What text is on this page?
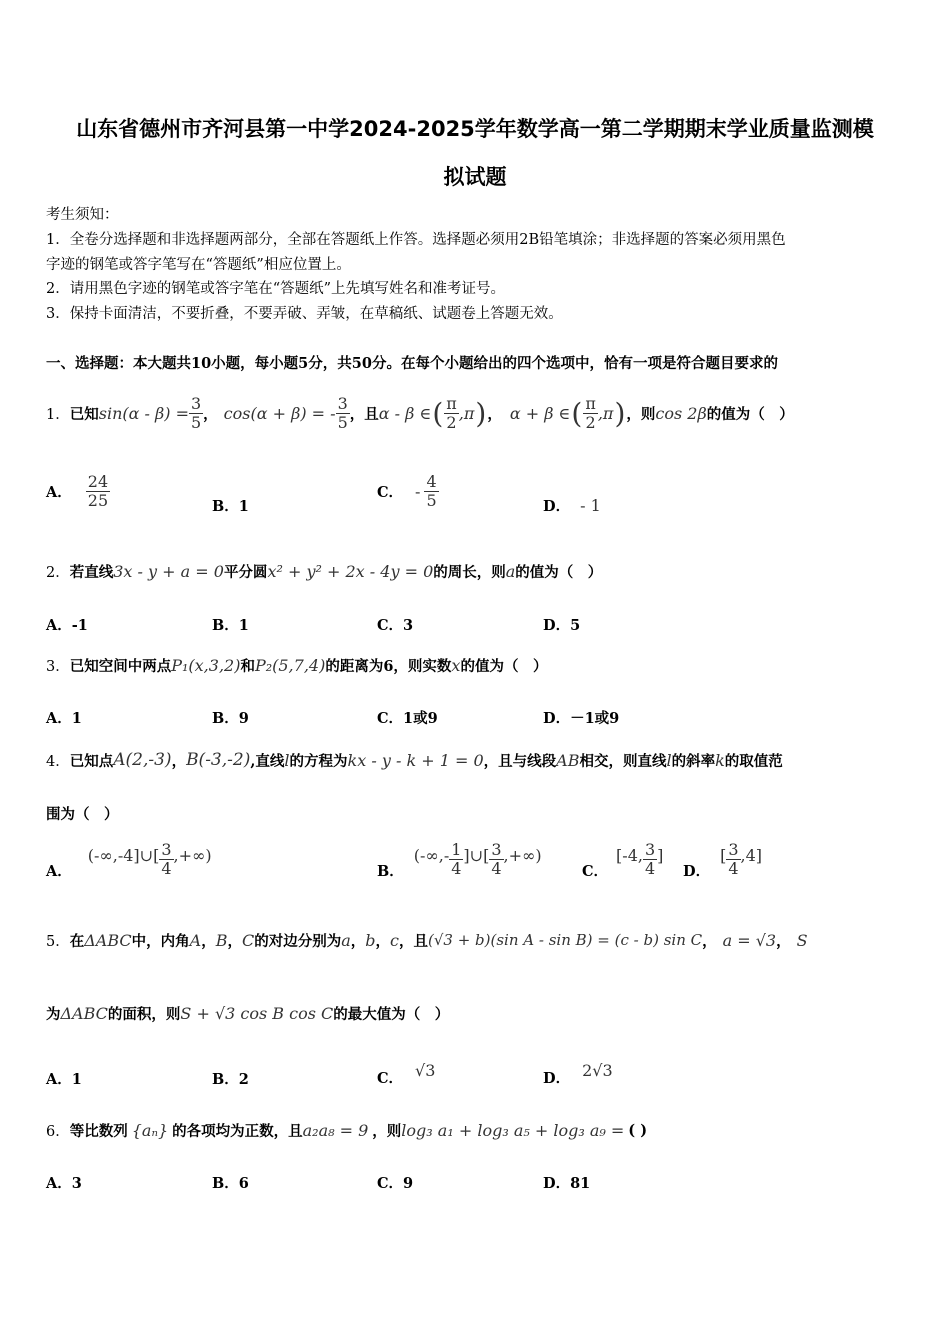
山东省德州市齐河县第一中学2024-2025学年数学高一第二学期期末学业质量监测模
拟试题
考生须知：
1．全卷分选择题和非选择题两部分，全部在答题纸上作答。选择题必须用2B铅笔填涂；非选择题的答案必须用黑色
字迹的钢笔或答字笔写在“答题纸”相应位置上。
2．请用黑色字迹的钢笔或答字笔在“答题纸”上先填写姓名和准考证号。
3．保持卡面清洁，不要折叠，不要弄破、弄皱，在草稿纸、试题卷上答题无效。
一、选择题：本大题共10小题，每小题5分，共50分。在每个小题给出的四个选项中，恰有一项是符合题目要求的
1． 已知 $\sin(\alpha - \beta) = \frac{3}{5}$ ， cos(α + β) = - $\frac{3}{5}$ ，且 α - β ∈ ( $\frac{\pi}{2} ,\pi$ ) ， α + β ∈ ( $\frac{\pi}{2} ,\pi$ ) ，则 cos 2β 的值为（　）
A． $\frac{24}{25}$	B．1
C． - $\frac{4}{5}$	D． - 1
2． 若直线 3x - y + a = 0 平分圆 x² + y² + 2x - 4y = 0 的周长，则 a 的值为（　）
A．-1	B．1	C．3	D．5
3． 已知空间中两点 P₁(x,3,2) 和 P₂(5,7,4) 的距离为6，则实数 x 的值为（　）
A．1	B．9	C．1或9	D．－1或9
4． 已知点 A(2,-3) ， B(-3,-2) ,直线 l 的方程为 kx - y - k + 1 = 0 ，且与线段 AB 相交，则直线 l 的斜率 k 的取值范
围为（　）
A．
(-∞,-4]∪[ $\frac{3}{4}$ ,+∞)
B．
(-∞,- $\frac{1}{4}$ ]∪[ $\frac{3}{4}$ ,+∞)
C．
[-4, $\frac{3}{4}$ ]
D．
[ $\frac{3}{4} ,4$]
5． 在 ΔABC 中，内角 A ， B ， C 的对边分别为 a ， b ， c ，且 (√3 + b)(sin A - sin B) = (c - b) sin C ， a = √3 ， S
为 ΔABC 的面积，则 S + √3 cos B cos C 的最大值为（　）
A．1	B．2	C． √3	D． 2√3
6． 等比数列 {aₙ} 的各项均为正数，且 a₂a₈ = 9 ，则 log₃ a₁ + log₃ a₅ + log₃ a₉ = ( )
A．3	B．6	C．9	D．81
